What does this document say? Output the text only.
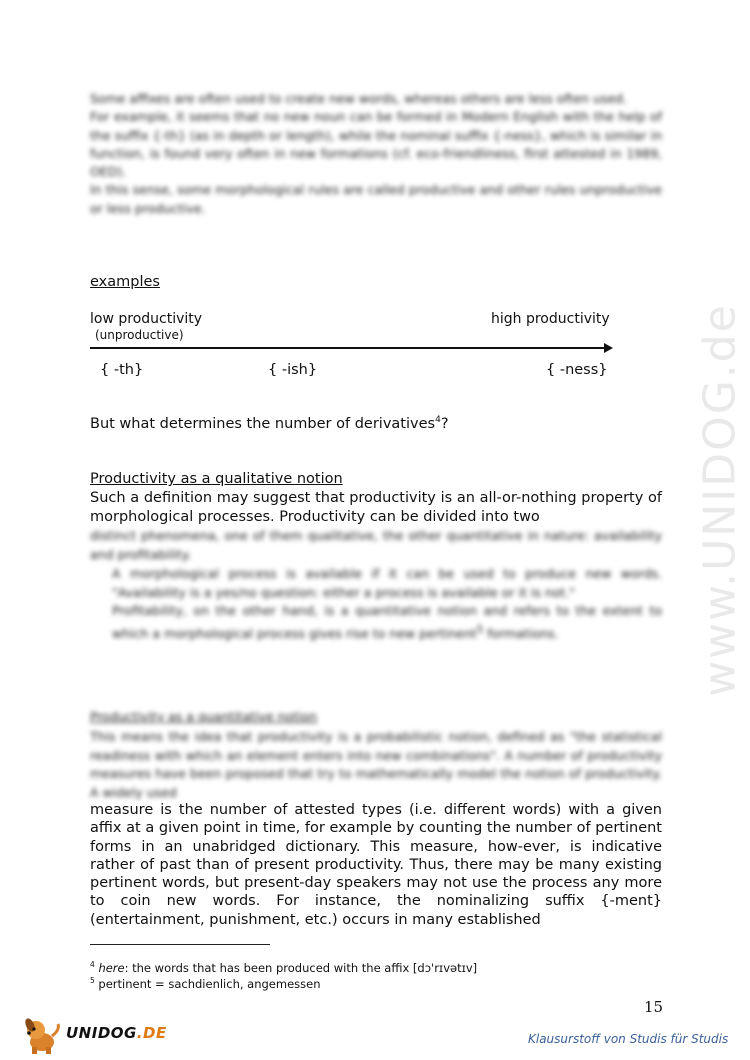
www.UNIDOG.de
Some affixes are often used to create new words, whereas others are less often used.
For example, it seems that no new noun can be formed in Modern English with the help of the suffix {-th} (as in depth or length), while the nominal suffix {-ness}, which is similar in function, is found very often in new formations (cf. eco-friendliness, first attested in 1989, OED).
In this sense, some morphological rules are called productive and other rules unproductive or less productive.
examples
low productivity
(unproductive)
high productivity
{ -th}	{ -ish}	{ -ness}
But what determines the number of derivatives$^4$?
Productivity as a qualitative notion
Such a definition may suggest that productivity is an all-or-nothing property of morphological processes. Productivity can be divided into two
distinct phenomena, one of them qualitative, the other quantitative in nature: availability and profitability.
A morphological process is available if it can be used to produce new words. "Availability is a yes/no question: either a process is available or it is not."
Profitability, on the other hand, is a quantitative notion and refers to the extent to which a morphological process gives rise to new pertinent$^5$ formations.
Productivity as a quantitative notion
This means the idea that productivity is a probabilistic notion, defined as "the statistical readiness with which an element enters into new combinations". A number of productivity measures have been proposed that try to mathematically model the notion of productivity. A widely used
measure is the number of attested types (i.e. different words) with a given affix at a given point in time, for example by counting the number of pertinent forms in an unabridged dictionary. This measure, how-ever, is indicative rather of past than of present productivity. Thus, there may be many existing pertinent words, but present-day speakers may not use the process any more to coin new words. For instance, the nominalizing suffix {-ment} (entertainment, punishment, etc.) occurs in many established
$^4$ here: the words that has been produced with the affix [dɔ'rɪvətɪv]
$^5$ pertinent = sachdienlich, angemessen
15
UNIDOG.DE	Klausurstoff von Studis für Studis
